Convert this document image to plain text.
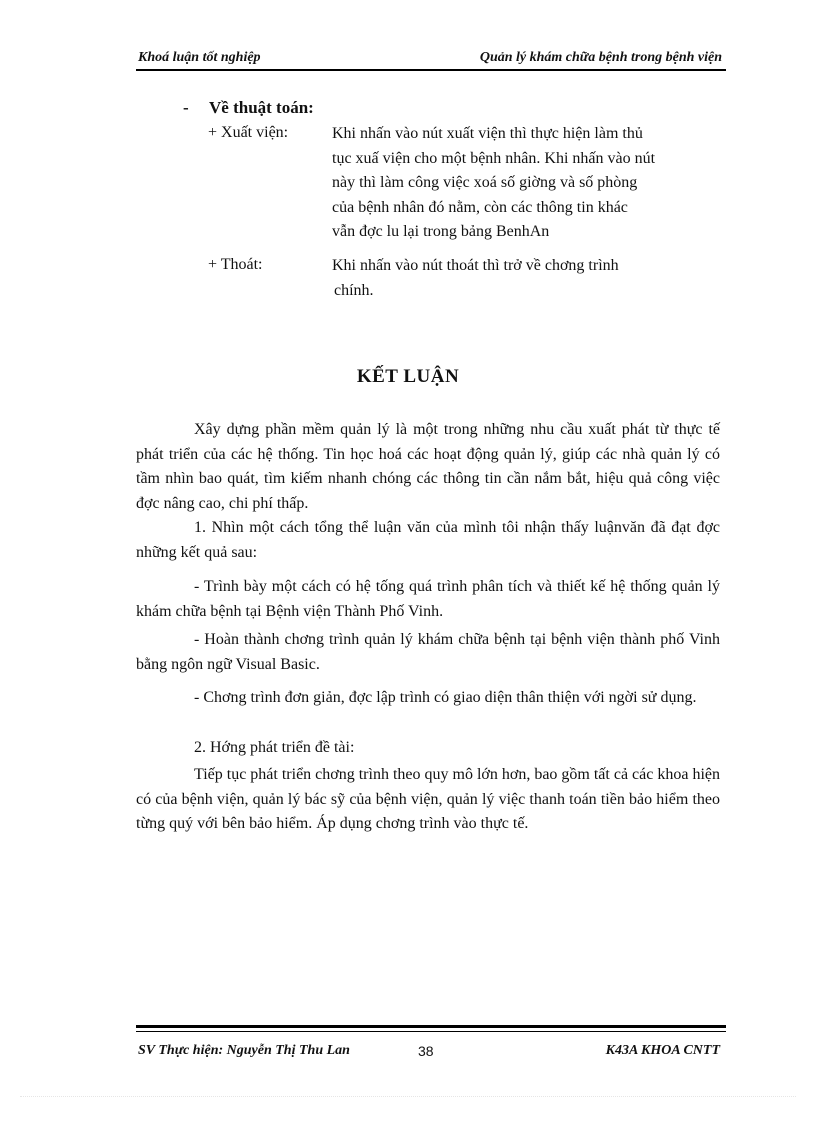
Khoá luận tốt nghiệp	Quản lý khám chữa bệnh trong bệnh viện
- Về thuật toán:
+ Xuất viện:	Khi nhấn vào nút xuất viện thì thực hiện làm thủ
tục xuấ viện cho một bệnh nhân. Khi nhấn vào nút
này thì làm công việc xoá số giờng và số phòng
của bệnh nhân đó nằm, còn các thông tin khác
vẫn đợc lu lại trong bảng BenhAn
+ Thoát:	Khi nhấn vào nút thoát thì trở về chơng trình
chính.
KẾT LUẬN
Xây dựng phần mềm quản lý là một trong những nhu cầu xuất phát từ thực tế phát triển của các hệ thống. Tin học hoá các hoạt động quản lý, giúp các nhà quản lý có tầm nhìn bao quát, tìm kiếm nhanh chóng các thông tin cần nắm bắt, hiệu quả công việc đợc nâng cao, chi phí thấp.
1. Nhìn một cách tổng thể luận văn của mình tôi nhận thấy luậnvăn đã đạt đợc những kết quả sau:
- Trình bày một cách có hệ tống quá trình phân tích và thiết kế hệ thống quản lý khám chữa bệnh tại Bệnh viện Thành Phố Vinh.
- Hoàn thành chơng trình quản lý khám chữa bệnh tại bệnh viện thành phố Vinh bằng ngôn ngữ Visual Basic.
- Chơng trình đơn giản, đợc lập trình có giao diện thân thiện với ngời sử dụng.
2. Hớng phát triển đề tài:
Tiếp tục phát triển chơng trình theo quy mô lớn hơn, bao gồm tất cả các khoa hiện có của bệnh viện, quản lý bác sỹ của bệnh viện, quản lý việc thanh toán tiền bảo hiểm theo từng quý với bên bảo hiểm. Áp dụng chơng trình vào thực tế.
SV Thực hiện: Nguyễn Thị Thu Lan	38	K43A KHOA CNTT
